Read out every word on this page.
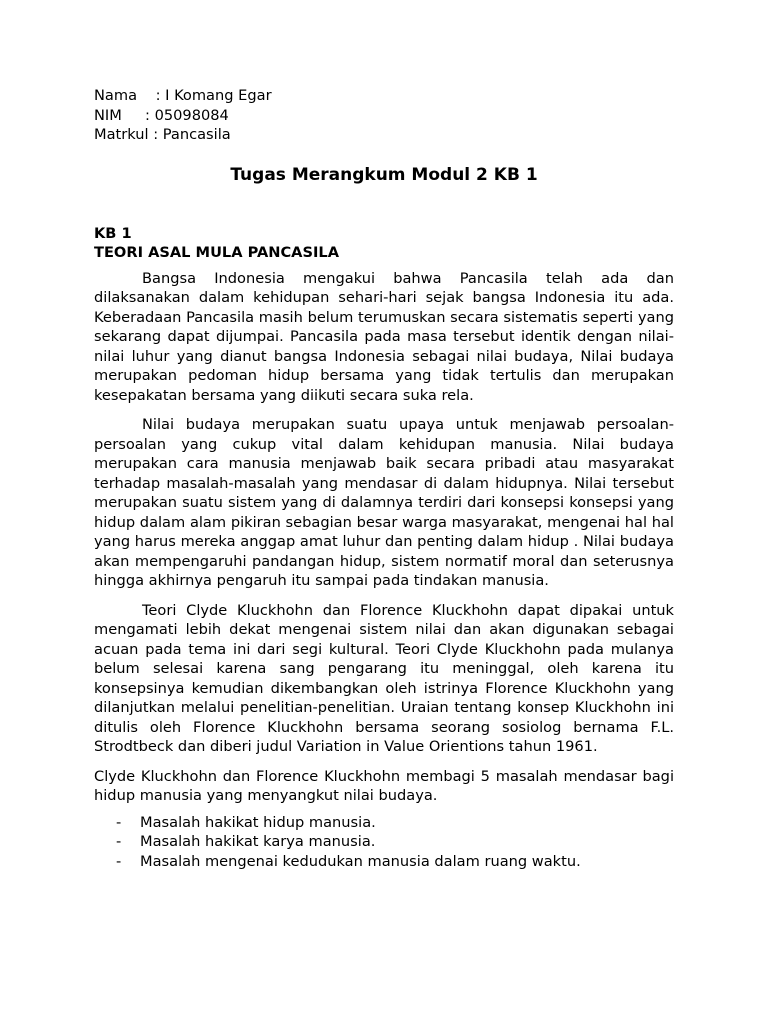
Nama    : I Komang Egar

NIM     : 05098084

Matrkul : Pancasila

Tugas Merangkum Modul 2 KB 1

KB 1

TEORI ASAL MULA PANCASILA

Bangsa Indonesia mengakui bahwa Pancasila telah ada dan dilaksanakan dalam kehidupan sehari-hari sejak bangsa Indonesia itu ada. Keberadaan Pancasila masih belum terumuskan secara sistematis seperti yang sekarang dapat dijumpai. Pancasila pada masa tersebut identik dengan nilai-nilai luhur yang dianut bangsa Indonesia sebagai nilai budaya, Nilai budaya merupakan pedoman hidup bersama yang tidak tertulis dan merupakan kesepakatan bersama yang diikuti secara suka rela.

Nilai budaya merupakan suatu upaya untuk menjawab persoalan-persoalan yang cukup vital dalam kehidupan manusia. Nilai budaya merupakan cara manusia menjawab baik secara pribadi atau masyarakat terhadap masalah-masalah yang mendasar di dalam hidupnya. Nilai tersebut merupakan suatu sistem yang di dalamnya terdiri dari konsepsi konsepsi yang hidup dalam alam pikiran sebagian besar warga masyarakat, mengenai hal hal yang harus mereka anggap amat luhur dan penting dalam hidup . Nilai budaya akan mempengaruhi pandangan hidup, sistem normatif moral dan seterusnya hingga akhirnya pengaruh itu sampai pada tindakan manusia.

Teori Clyde Kluckhohn dan Florence Kluckhohn dapat dipakai untuk mengamati lebih dekat mengenai sistem nilai dan akan digunakan sebagai acuan pada tema ini dari segi kultural. Teori Clyde Kluckhohn pada mulanya belum selesai karena sang pengarang itu meninggal, oleh karena itu konsepsinya kemudian dikembangkan oleh istrinya Florence Kluckhohn yang dilanjutkan melalui penelitian-penelitian. Uraian tentang konsep Kluckhohn ini ditulis oleh Florence Kluckhohn bersama seorang sosiolog bernama F.L. Strodtbeck dan diberi judul Variation in Value Orientions tahun 1961.

Clyde Kluckhohn dan Florence Kluckhohn membagi 5 masalah mendasar bagi hidup manusia yang menyangkut nilai budaya.

- Masalah hakikat hidup manusia.
- Masalah hakikat karya manusia.
- Masalah mengenai kedudukan manusia dalam ruang waktu.
